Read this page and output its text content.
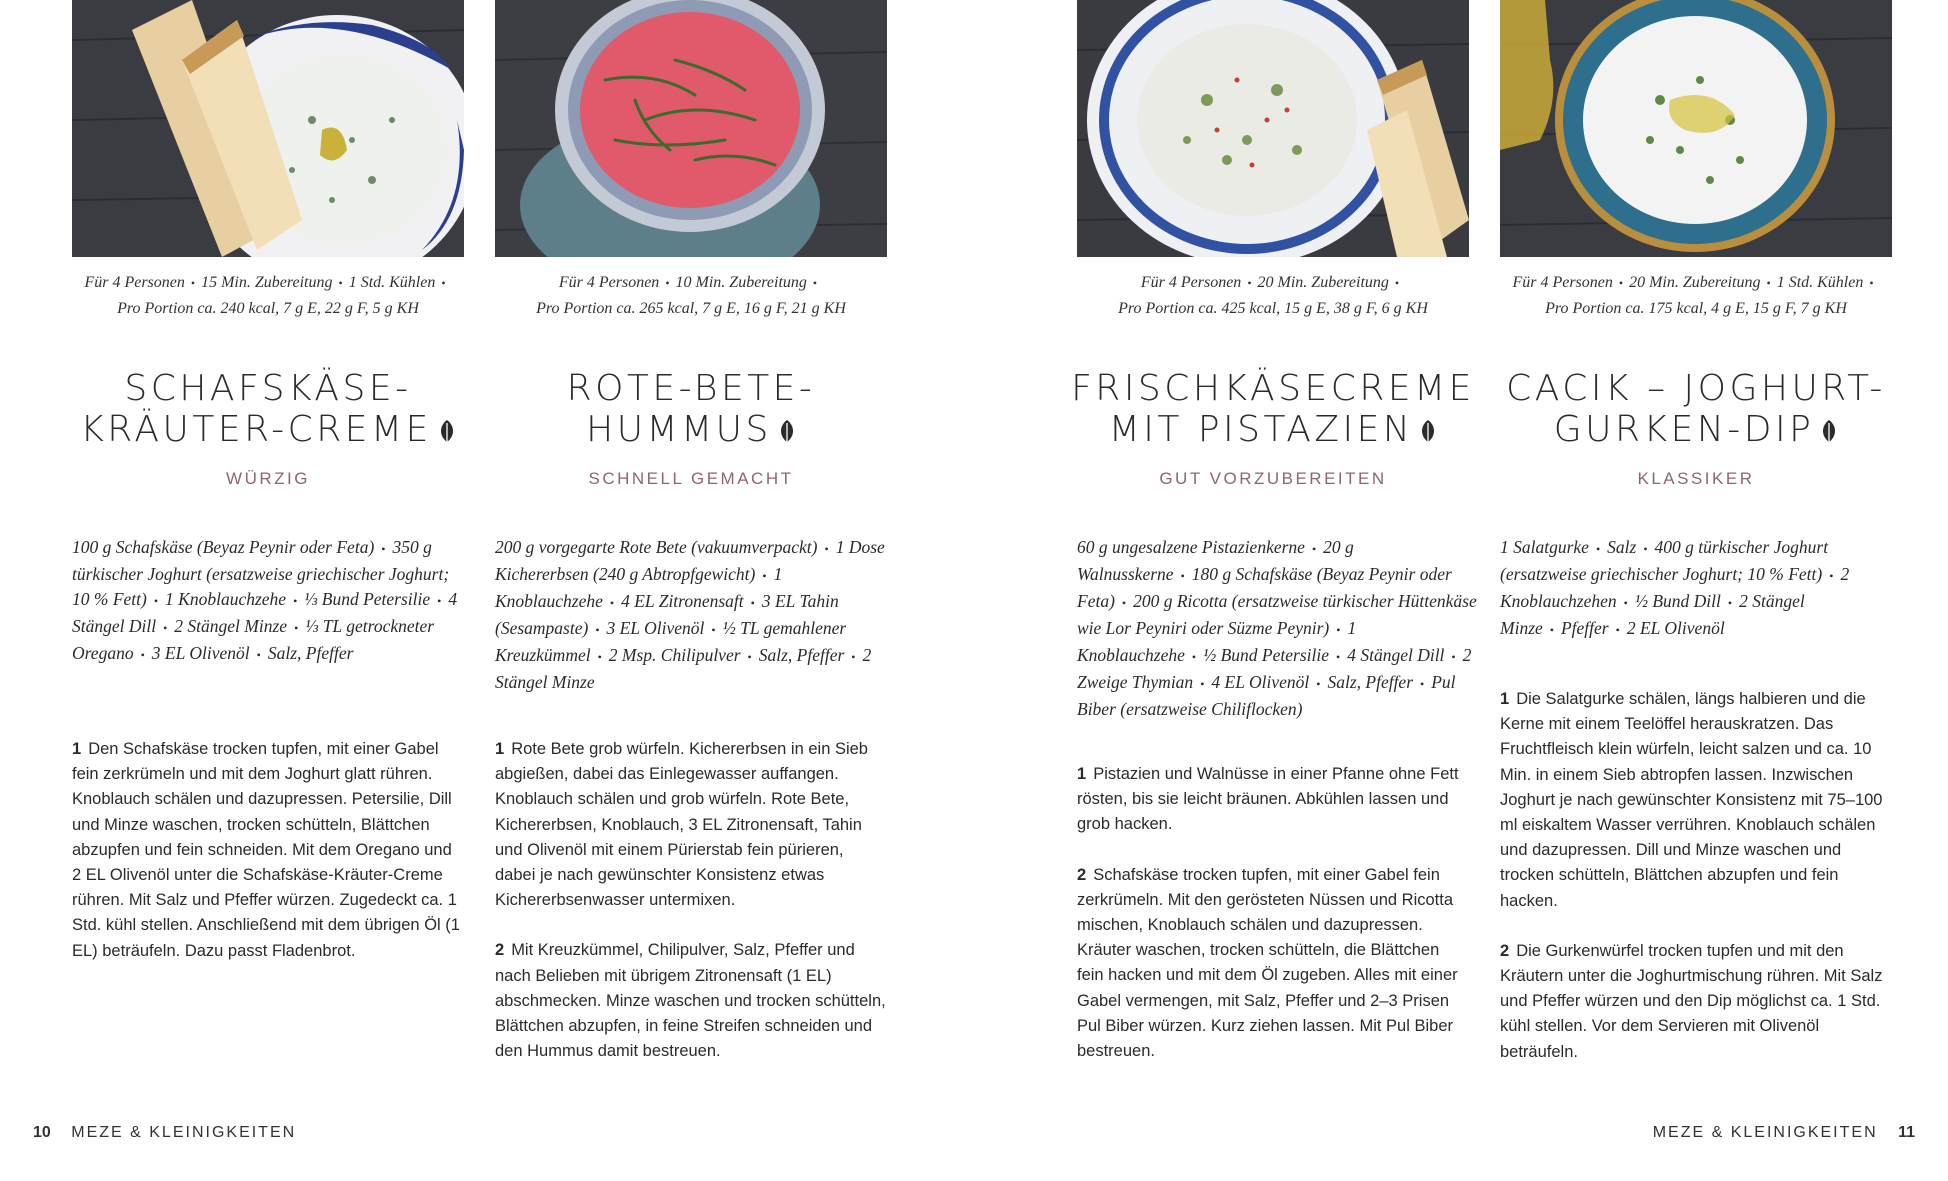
Für 4 Personen • 15 Min. Zubereitung • 1 Std. Kühlen •
Pro Portion ca. 240 kcal, 7 g E, 22 g F, 5 g KH
SCHAFSKÄSE-
KRÄUTER-CREME
WÜRZIG
100 g Schafskäse (Beyaz Peynir oder Feta) • 350 g türkischer Joghurt (ersatzweise griechischer Joghurt; 10 % Fett) • 1 Knoblauchzehe • ⅓ Bund Petersilie • 4 Stängel Dill • 2 Stängel Minze • ⅓ TL getrockneter Oregano • 3 EL Olivenöl • Salz, Pfeffer
1 Den Schafskäse trocken tupfen, mit einer Gabel fein zerkrümeln und mit dem Joghurt glatt rühren. Knoblauch schälen und dazupressen. Petersilie, Dill und Minze waschen, trocken schütteln, Blättchen abzupfen und fein schneiden. Mit dem Oregano und 2 EL Olivenöl unter die Schafskäse-Kräuter-Creme rühren. Mit Salz und Pfeffer würzen. Zugedeckt ca. 1 Std. kühl stellen. Anschließend mit dem übrigen Öl (1 EL) beträufeln. Dazu passt Fladenbrot.
Für 4 Personen • 10 Min. Zubereitung •
Pro Portion ca. 265 kcal, 7 g E, 16 g F, 21 g KH
ROTE-BETE-
HUMMUS
SCHNELL GEMACHT
200 g vorgegarte Rote Bete (vakuumverpackt) • 1 Dose Kichererbsen (240 g Abtropfgewicht) • 1 Knoblauchzehe • 4 EL Zitronensaft • 3 EL Tahin (Sesampaste) • 3 EL Olivenöl • ½ TL gemahlener Kreuzkümmel • 2 Msp. Chilipulver • Salz, Pfeffer • 2 Stängel Minze
1 Rote Bete grob würfeln. Kichererbsen in ein Sieb abgießen, dabei das Einlegewasser auffangen. Knoblauch schälen und grob würfeln. Rote Bete, Kichererbsen, Knoblauch, 3 EL Zitronensaft, Tahin und Olivenöl mit einem Pürierstab fein pürieren, dabei je nach gewünschter Konsistenz etwas Kichererbsenwasser untermixen.
2 Mit Kreuzkümmel, Chilipulver, Salz, Pfeffer und nach Belieben mit übrigem Zitronensaft (1 EL) abschmecken. Minze waschen und trocken schütteln, Blättchen abzupfen, in feine Streifen schneiden und den Hummus damit bestreuen.
Für 4 Personen • 20 Min. Zubereitung •
Pro Portion ca. 425 kcal, 15 g E, 38 g F, 6 g KH
FRISCHKÄSECREME
MIT PISTAZIEN
GUT VORZUBEREITEN
60 g ungesalzene Pistazienkerne • 20 g Walnusskerne • 180 g Schafskäse (Beyaz Peynir oder Feta) • 200 g Ricotta (ersatzweise türkischer Hüttenkäse wie Lor Peyniri oder Süzme Peynir) • 1 Knoblauchzehe • ½ Bund Petersilie • 4 Stängel Dill • 2 Zweige Thymian • 4 EL Olivenöl • Salz, Pfeffer • Pul Biber (ersatzweise Chiliflocken)
1 Pistazien und Walnüsse in einer Pfanne ohne Fett rösten, bis sie leicht bräunen. Abkühlen lassen und grob hacken.
2 Schafskäse trocken tupfen, mit einer Gabel fein zerkrümeln. Mit den gerösteten Nüssen und Ricotta mischen, Knoblauch schälen und dazupressen. Kräuter waschen, trocken schütteln, die Blättchen fein hacken und mit dem Öl zugeben. Alles mit einer Gabel vermengen, mit Salz, Pfeffer und 2–3 Prisen Pul Biber würzen. Kurz ziehen lassen. Mit Pul Biber bestreuen.
Für 4 Personen • 20 Min. Zubereitung • 1 Std. Kühlen •
Pro Portion ca. 175 kcal, 4 g E, 15 g F, 7 g KH
CACIK – JOGHURT-
GURKEN-DIP
KLASSIKER
1 Salatgurke • Salz • 400 g türkischer Joghurt (ersatzweise griechischer Joghurt; 10 % Fett) • 2 Knoblauchzehen • ½ Bund Dill • 2 Stängel Minze • Pfeffer • 2 EL Olivenöl
1 Die Salatgurke schälen, längs halbieren und die Kerne mit einem Teelöffel herauskratzen. Das Fruchtfleisch klein würfeln, leicht salzen und ca. 10 Min. in einem Sieb abtropfen lassen. Inzwischen Joghurt je nach gewünschter Konsistenz mit 75–100 ml eiskaltem Wasser verrühren. Knoblauch schälen und dazupressen. Dill und Minze waschen und trocken schütteln, Blättchen abzupfen und fein hacken.
2 Die Gurkenwürfel trocken tupfen und mit den Kräutern unter die Joghurtmischung rühren. Mit Salz und Pfeffer würzen und den Dip möglichst ca. 1 Std. kühl stellen. Vor dem Servieren mit Olivenöl beträufeln.
10 MEZE & KLEINIGKEITEN	MEZE & KLEINIGKEITEN 11
